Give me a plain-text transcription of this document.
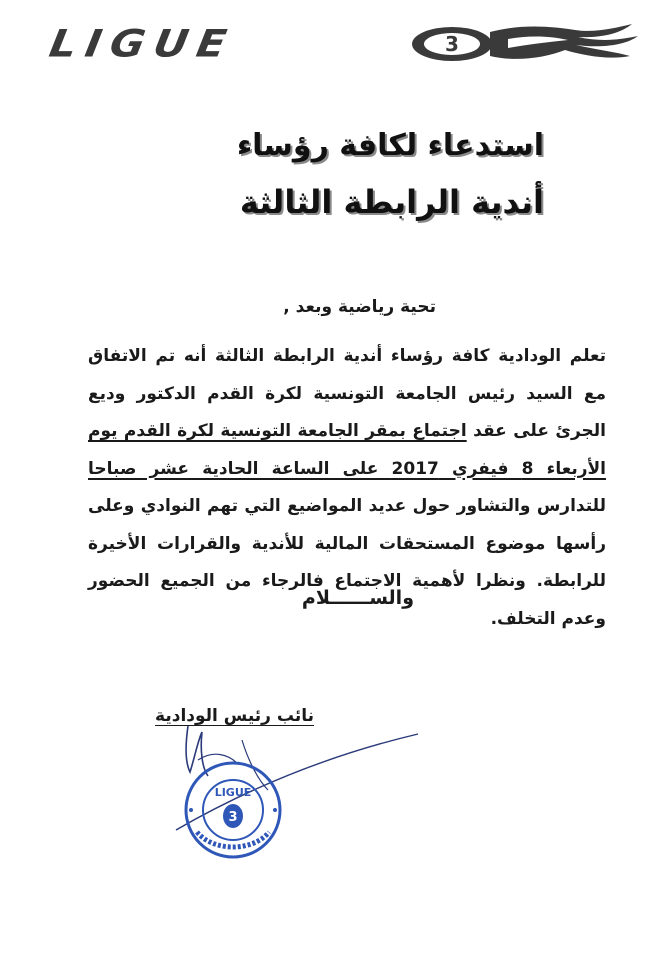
LIGUE	3
استدعاء لكافة رؤساء
أندية الرابطة الثالثة
تحية رياضية وبعد ,
تعلم الودادية كافة رؤساء أندية الرابطة الثالثة أنه تم الاتفاق مع السيد رئيس الجامعة التونسية لكرة القدم الدكتور وديع الجرئ على عقد اجتماع بمقر الجامعة التونسية لكرة القدم يوم الأربعاء 8 فيفري 2017 على الساعة الحادية عشر صباحا للتدارس والتشاور حول عديد المواضيع التي تهم النوادي وعلى رأسها موضوع المستحقات المالية للأندية والقرارات الأخيرة للرابطة. ونظرا لأهمية الاجتماع فالرجاء من الجميع الحضور وعدم التخلف.
والســــــلام
نائب رئيس الودادية
LIGUE
3
